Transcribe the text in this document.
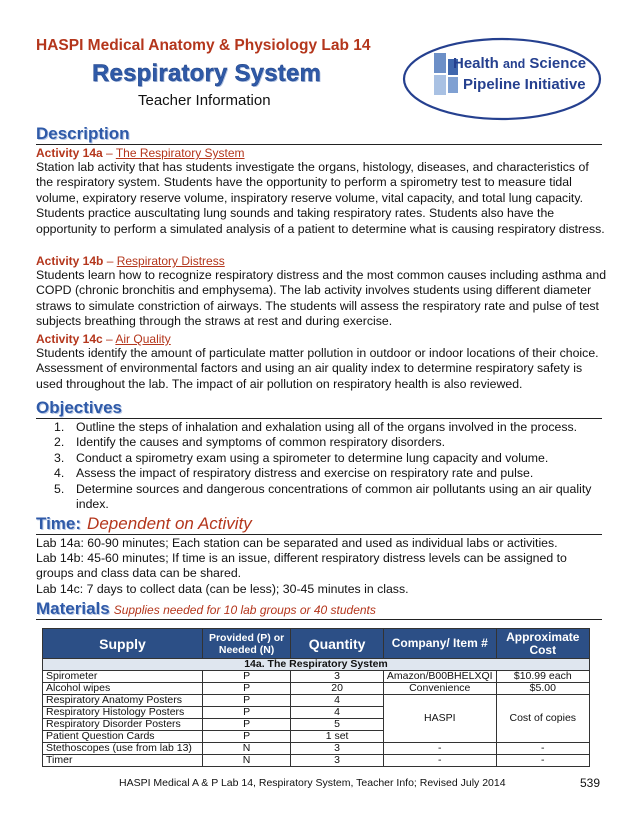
HASPI Medical Anatomy & Physiology Lab 14
Respiratory System
Teacher Information
Health and Science
Pipeline Initiative
Description
Activity 14a – The Respiratory System
Station lab activity that has students investigate the organs, histology, diseases, and characteristics of the respiratory system. Students have the opportunity to perform a spirometry test to measure tidal volume, expiratory reserve volume, inspiratory reserve volume, vital capacity, and total lung capacity. Students practice auscultating lung sounds and taking respiratory rates. Students also have the opportunity to perform a simulated analysis of a patient to determine what is causing respiratory distress.
Activity 14b – Respiratory Distress
Students learn how to recognize respiratory distress and the most common causes including asthma and COPD (chronic bronchitis and emphysema). The lab activity involves students using different diameter straws to simulate constriction of airways. The students will assess the respiratory rate and pulse of test subjects breathing through the straws at rest and during exercise.
Activity 14c – Air Quality
Students identify the amount of particulate matter pollution in outdoor or indoor locations of their choice. Assessment of environmental factors and using an air quality index to determine respiratory safety is used throughout the lab. The impact of air pollution on respiratory health is also reviewed.
Objectives
1. Outline the steps of inhalation and exhalation using all of the organs involved in the process.
2. Identify the causes and symptoms of common respiratory disorders.
3. Conduct a spirometry exam using a spirometer to determine lung capacity and volume.
4. Assess the impact of respiratory distress and exercise on respiratory rate and pulse.
5. Determine sources and dangerous concentrations of common air pollutants using an air quality index.
Time: Dependent on Activity
Lab 14a: 60-90 minutes; Each station can be separated and used as individual labs or activities.
Lab 14b: 45-60 minutes; If time is an issue, different respiratory distress levels can be assigned to groups and class data can be shared.
Lab 14c: 7 days to collect data (can be less); 30-45 minutes in class.
Materials Supplies needed for 10 lab groups or 40 students
Supply	Provided (P) or Needed (N)	Quantity	Company/ Item #	Approximate Cost
14a. The Respiratory System				
Spirometer	P	3	Amazon/B00BHELXQI	$10.99 each
Alcohol wipes	P	20	Convenience	$5.00
Respiratory Anatomy Posters	P	4	HASPI	Cost of copies
Respiratory Histology Posters	P	4		
Respiratory Disorder Posters	P	5		
Patient Question Cards	P	1 set		
Stethoscopes (use from lab 13)	N	3	-	-
Timer	N	3	-	-
HASPI Medical A & P Lab 14, Respiratory System, Teacher Info; Revised July 2014	539
